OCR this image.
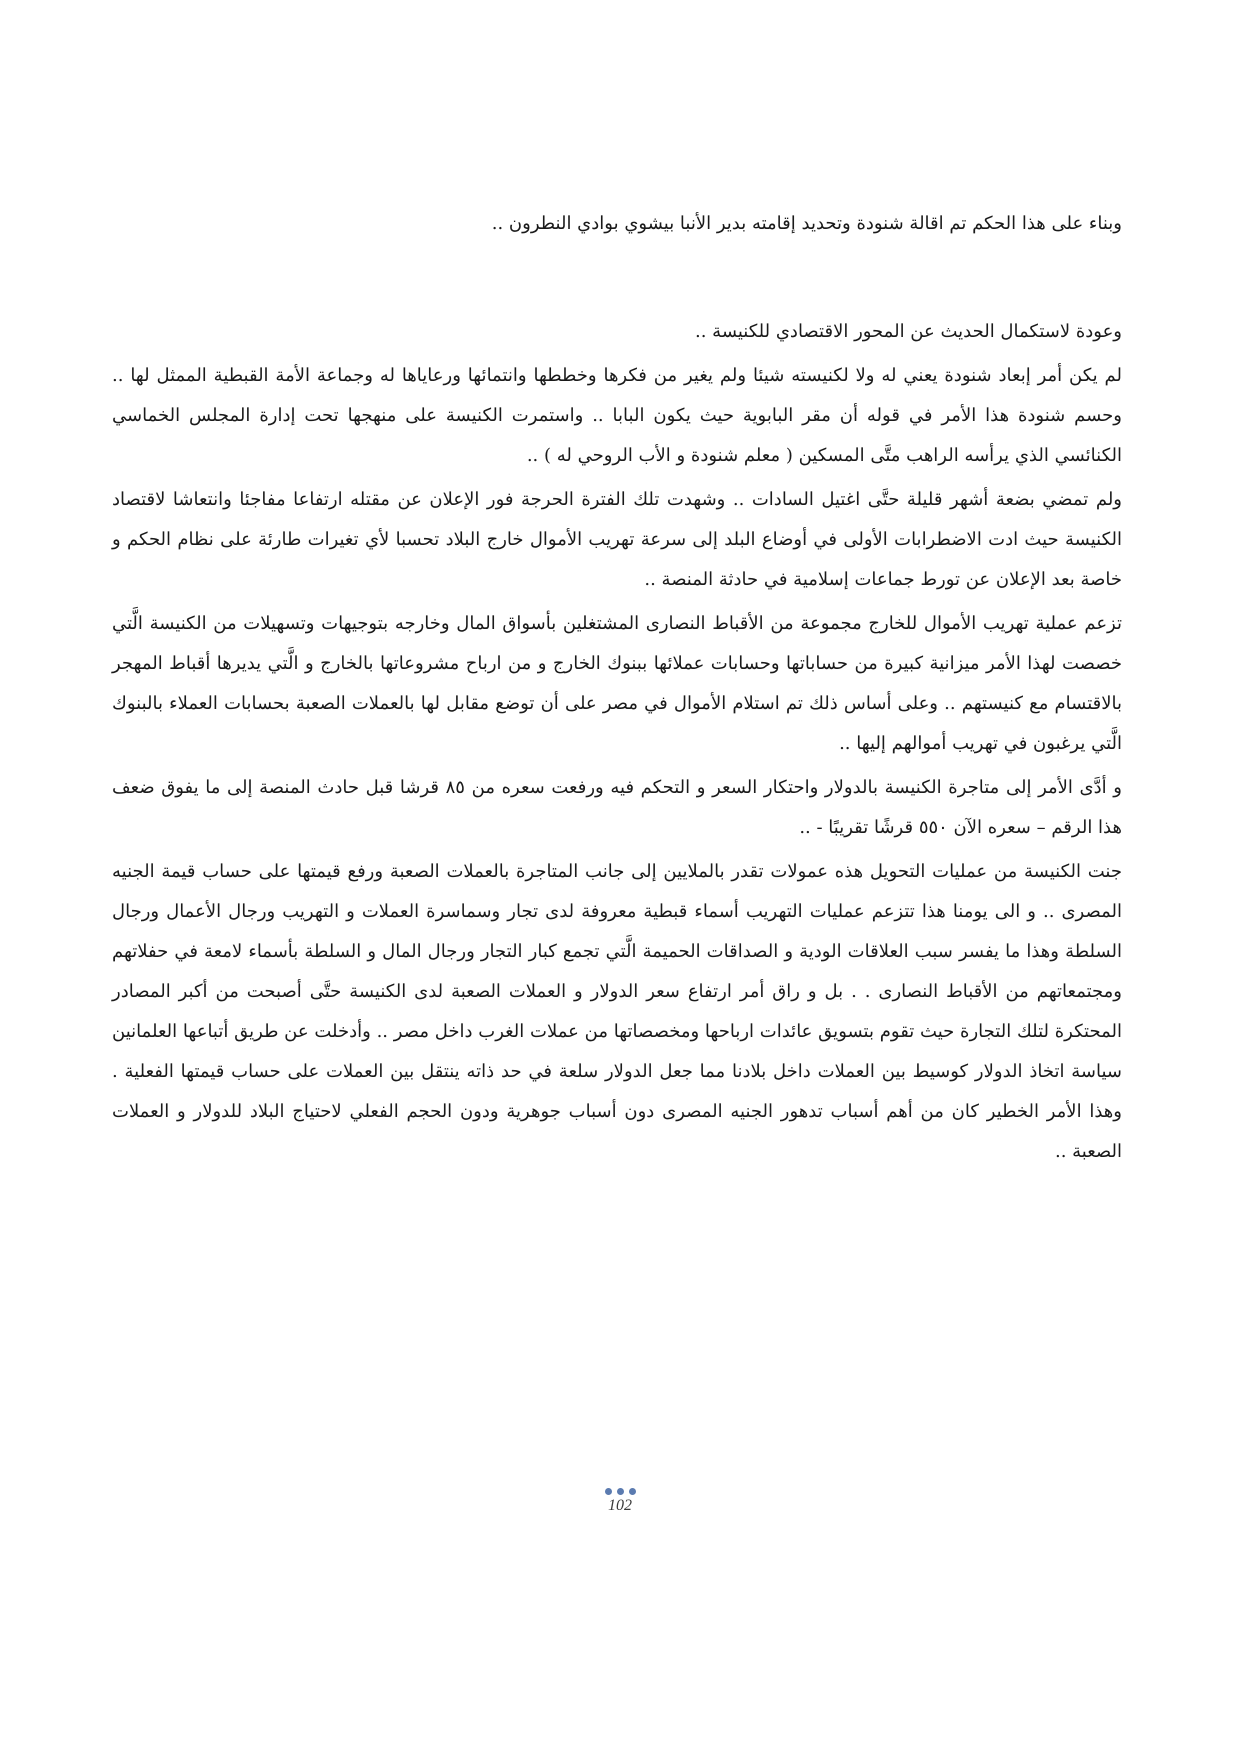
وبناء على هذا الحكم تم اقالة شنودة وتحديد إقامته بدير الأنبا بيشوي بوادي النطرون ..

وعودة لاستكمال الحديث عن المحور الاقتصادي للكنيسة ..

لم يكن أمر إبعاد شنودة يعني له ولا لكنيسته شيئا ولم يغير من فكرها وخططها وانتمائها ورعاياها له وجماعة الأمة القبطية الممثل لها .. وحسم شنودة هذا الأمر في قوله أن مقر البابوية حيث يكون البابا .. واستمرت الكنيسة على منهجها تحت إدارة المجلس الخماسي الكنائسي الذي يرأسه الراهب متَّى المسكين ( معلم شنودة و الأب الروحي له ) ..

ولم تمضي بضعة أشهر قليلة حتَّى اغتيل السادات .. وشهدت تلك الفترة الحرجة فور الإعلان عن مقتله ارتفاعا مفاجئا وانتعاشا لاقتصاد الكنيسة حيث ادت الاضطرابات الأولى في أوضاع البلد إلى سرعة تهريب الأموال خارج البلاد تحسبا لأي تغيرات طارئة على نظام الحكم و خاصة بعد الإعلان عن تورط جماعات إسلامية في حادثة المنصة ..

تزعم عملية تهريب الأموال للخارج مجموعة من الأقباط النصارى المشتغلين بأسواق المال وخارجه بتوجيهات وتسهيلات من الكنيسة الَّتي خصصت لهذا الأمر ميزانية كبيرة من حساباتها وحسابات عملائها ببنوك الخارج و من ارباح مشروعاتها بالخارج و الَّتي يديرها أقباط المهجر بالاقتسام مع كنيستهم .. وعلى أساس ذلك تم استلام الأموال في مصر على أن توضع مقابل لها بالعملات الصعبة بحسابات العملاء بالبنوك الَّتي يرغبون في تهريب أموالهم إليها ..

و أدَّى الأمر إلى متاجرة الكنيسة بالدولار واحتكار السعر و التحكم فيه ورفعت سعره من ٨٥ قرشا قبل حادث المنصة إلى ما يفوق ضعف هذا الرقم – سعره الآن ٥٥٠ قرشًا تقريبًا - ..

جنت الكنيسة من عمليات التحويل هذه عمولات تقدر بالملايين إلى جانب المتاجرة بالعملات الصعبة ورفع قيمتها على حساب قيمة الجنيه المصرى .. و الى يومنا هذا تتزعم عمليات التهريب أسماء قبطية معروفة لدى تجار وسماسرة العملات و التهريب ورجال الأعمال ورجال السلطة وهذا ما يفسر سبب العلاقات الودية و الصداقات الحميمة الَّتي تجمع كبار التجار ورجال المال و السلطة بأسماء لامعة في حفلاتهم ومجتمعاتهم من الأقباط النصارى . . بل و راق أمر ارتفاع سعر الدولار و العملات الصعبة لدى الكنيسة حتَّى أصبحت من أكبر المصادر المحتكرة لتلك التجارة حيث تقوم بتسويق عائدات ارباحها ومخصصاتها من عملات الغرب داخل مصر .. وأدخلت عن طريق أتباعها العلمانين سياسة اتخاذ الدولار كوسيط بين العملات داخل بلادنا مما جعل الدولار سلعة في حد ذاته ينتقل بين العملات على حساب قيمتها الفعلية . وهذا الأمر الخطير كان من أهم أسباب تدهور الجنيه المصرى دون أسباب جوهرية ودون الحجم الفعلي لاحتياج البلاد للدولار و العملات الصعبة ..

102
